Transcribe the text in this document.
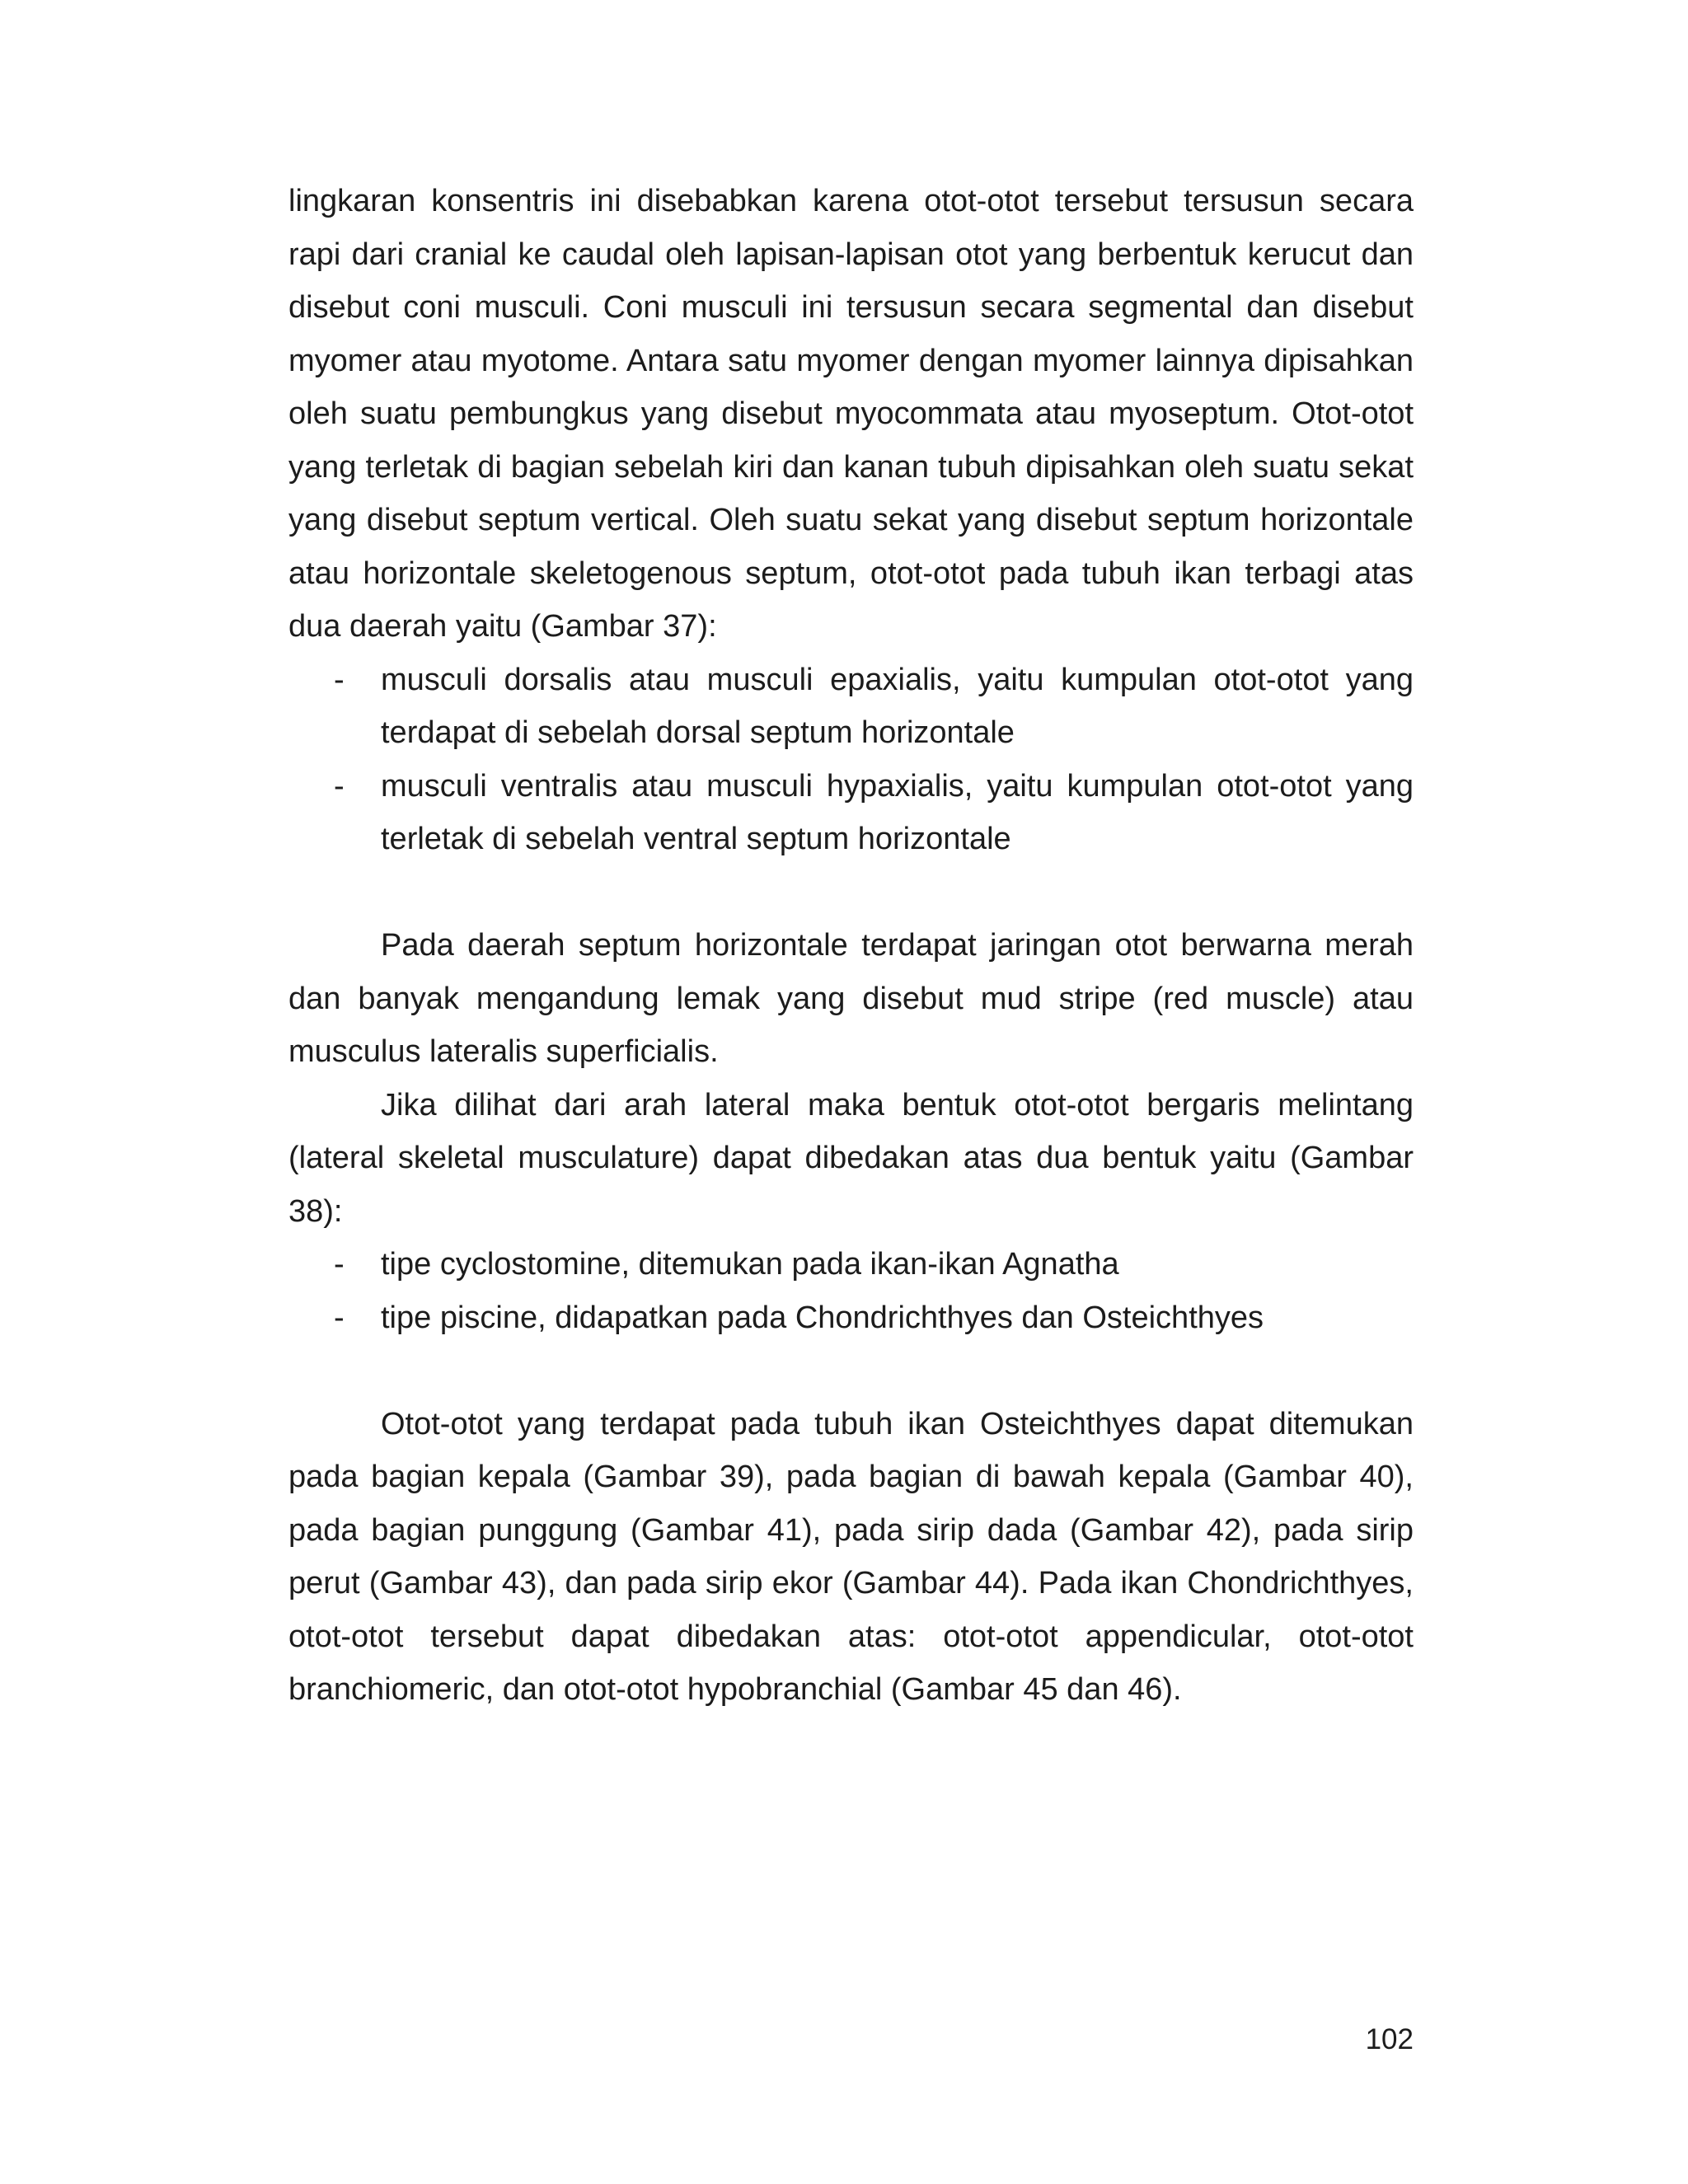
lingkaran konsentris ini disebabkan karena otot-otot tersebut tersusun secara rapi dari cranial ke caudal oleh lapisan-lapisan otot yang berbentuk kerucut dan disebut coni musculi. Coni musculi ini tersusun secara segmental dan disebut myomer atau myotome. Antara satu myomer dengan myomer lainnya dipisahkan oleh suatu pembungkus yang disebut myocommata atau myoseptum. Otot-otot yang terletak di bagian sebelah kiri dan kanan tubuh dipisahkan oleh suatu sekat yang disebut septum vertical. Oleh suatu sekat yang disebut septum horizontale atau horizontale skeletogenous septum, otot-otot pada tubuh ikan terbagi atas dua daerah yaitu (Gambar 37):

-	musculi dorsalis atau musculi epaxialis, yaitu kumpulan otot-otot yang terdapat di sebelah dorsal septum horizontale
-	musculi ventralis atau musculi hypaxialis, yaitu kumpulan otot-otot yang terletak di sebelah ventral septum horizontale

Pada daerah septum horizontale terdapat jaringan otot berwarna merah dan banyak mengandung lemak yang disebut mud stripe (red muscle) atau musculus lateralis superficialis.

Jika dilihat dari arah lateral maka bentuk otot-otot bergaris melintang (lateral skeletal musculature) dapat dibedakan atas dua bentuk yaitu (Gambar 38):

-	tipe cyclostomine, ditemukan pada ikan-ikan Agnatha
-	tipe piscine, didapatkan pada Chondrichthyes dan Osteichthyes

Otot-otot yang terdapat pada tubuh ikan Osteichthyes dapat ditemukan pada bagian kepala (Gambar 39), pada bagian di bawah kepala (Gambar 40), pada bagian punggung (Gambar 41), pada sirip dada (Gambar 42), pada sirip perut (Gambar 43), dan pada sirip ekor (Gambar 44). Pada ikan Chondrichthyes, otot-otot tersebut dapat dibedakan atas: otot-otot appendicular, otot-otot branchiomeric, dan otot-otot hypobranchial (Gambar 45 dan 46).

102
